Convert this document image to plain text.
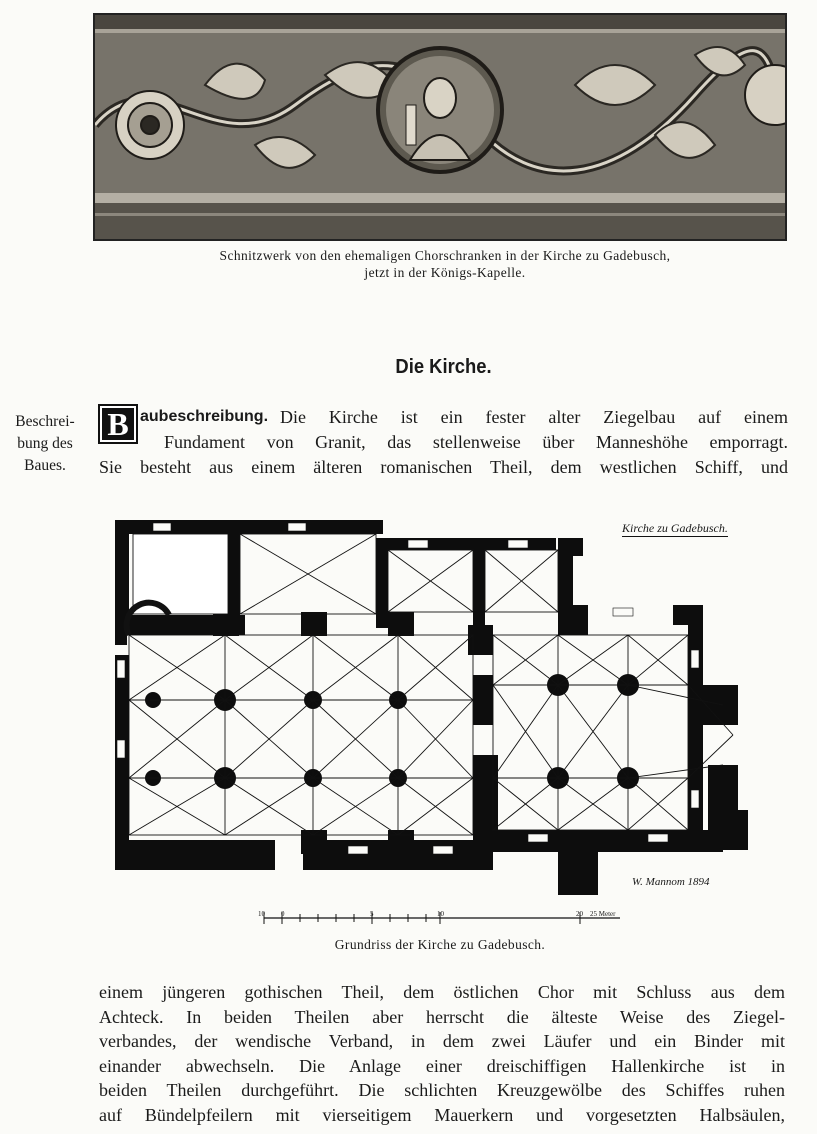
Schnitzwerk von den ehemaligen Chorschranken in der Kirche zu Gadebusch,
jetzt in der Königs-Kapelle.
Die Kirche.
Beschrei-
bung des
Baues.
B aubeschreibung. Die Kirche ist ein fester alter Ziegelbau auf einem
Fundament von Granit, das stellenweise über Manneshöhe emporragt.
Sie besteht aus einem älteren romanischen Theil, dem westlichen Schiff, und
Kirche zu Gadebusch.
W. Mannom 1894
10 0	5	10	20 25 Meter
Grundriss der Kirche zu Gadebusch.
einem jüngeren gothischen Theil, dem östlichen Chor mit Schluss aus dem
Achteck. In beiden Theilen aber herrscht die älteste Weise des Ziegel-
verbandes, der wendische Verband, in dem zwei Läufer und ein Binder mit
einander abwechseln. Die Anlage einer dreischiffigen Hallenkirche ist in
beiden Theilen durchgeführt. Die schlichten Kreuzgewölbe des Schiffes ruhen
auf Bündelpfeilern mit vierseitigem Mauerkern und vorgesetzten Halbsäulen,
